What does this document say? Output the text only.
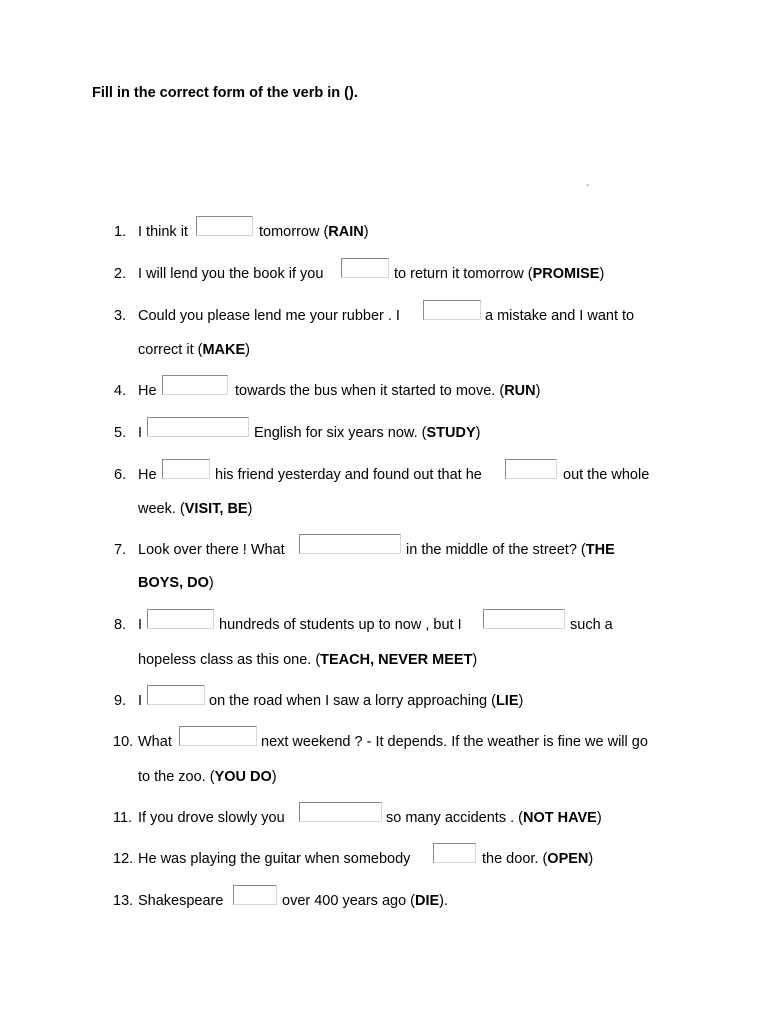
Fill in the correct form of the verb in ().
-
1. I think it	tomorrow ( RAIN )
2. I will lend you the book if you	to return it tomorrow ( PROMISE )
3. Could you please lend me your rubber . I	a mistake and I want to
correct it ( MAKE )
4. He	towards the bus when it started to move. ( RUN )
5. I	English for six years now. ( STUDY )
6. He	his friend yesterday and found out that he	out the whole
week. ( VISIT, BE )
7. Look over there ! What	in the middle of the street? ( THE
BOYS, DO )
8. I	hundreds of students up to now , but I	such a
hopeless class as this one. ( TEACH, NEVER MEET )
9. I	on the road when I saw a lorry approaching ( LIE )
10. What	next weekend ? - It depends. If the weather is fine we will go
to the zoo. ( YOU DO )
11. If you drove slowly you	so many accidents . ( NOT HAVE )
12. He was playing the guitar when somebody	the door. ( OPEN )
13. Shakespeare	over 400 years ago ( DIE ).
